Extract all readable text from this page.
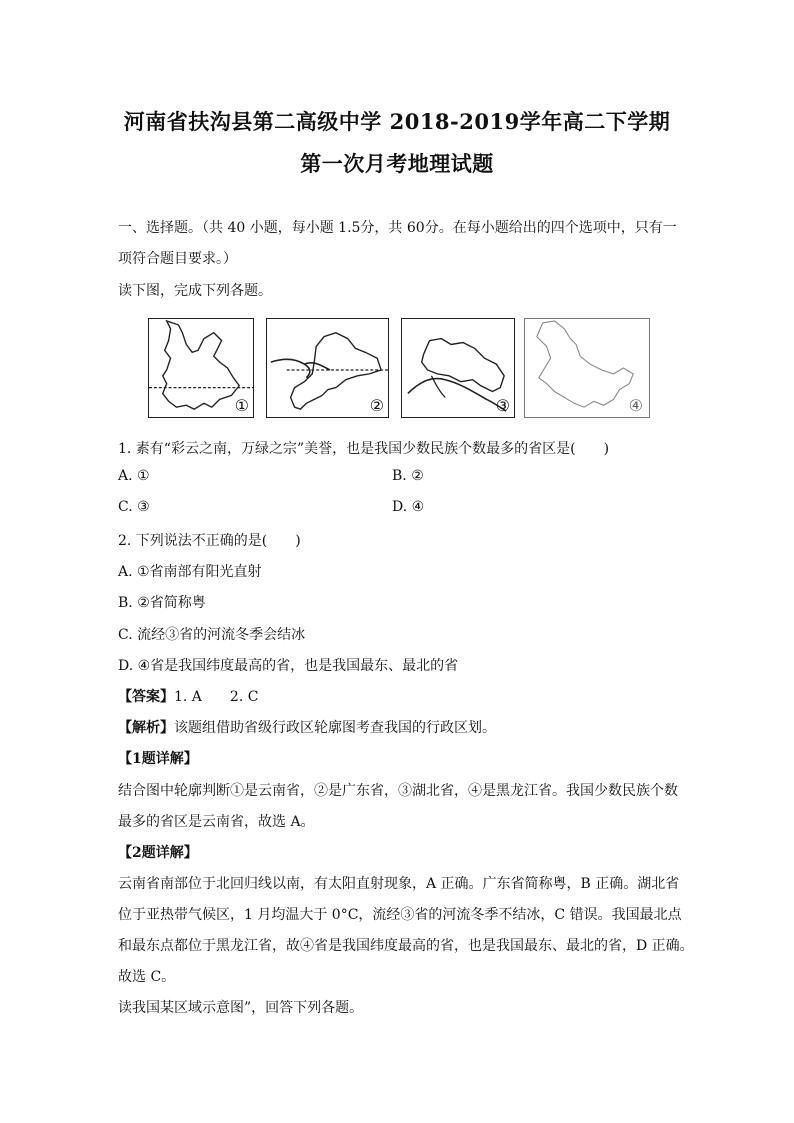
河南省扶沟县第二高级中学 2018-2019学年高二下学期
第一次月考地理试题
一、选择题。（共 40 小题，每小题 1.5分，共 60分。在每小题给出的四个选项中，只有一
项符合题目要求。）
读下图，完成下列各题。
①	②	③	④
1. 素有“彩云之南，万绿之宗”美誉，也是我国少数民族个数最多的省区是(　　)
A. ①	B. ②
C. ③	D. ④
2. 下列说法不正确的是(　　)
A. ①省南部有阳光直射
B. ②省简称粤
C. 流经③省的河流冬季会结冰
D. ④省是我国纬度最高的省，也是我国最东、最北的省
【答案】1. A　　2. C
【解析】该题组借助省级行政区轮廓图考查我国的行政区划。
【1题详解】
结合图中轮廓判断①是云南省，②是广东省，③湖北省，④是黑龙江省。我国少数民族个数
最多的省区是云南省，故选 A。
【2题详解】
云南省南部位于北回归线以南，有太阳直射现象，A 正确。广东省简称粤，B 正确。湖北省
位于亚热带气候区，1 月均温大于 0°C，流经③省的河流冬季不结冰，C 错误。我国最北点
和最东点都位于黑龙江省，故④省是我国纬度最高的省，也是我国最东、最北的省，D 正确。
故选 C。
读我国某区域示意图”，回答下列各题。
